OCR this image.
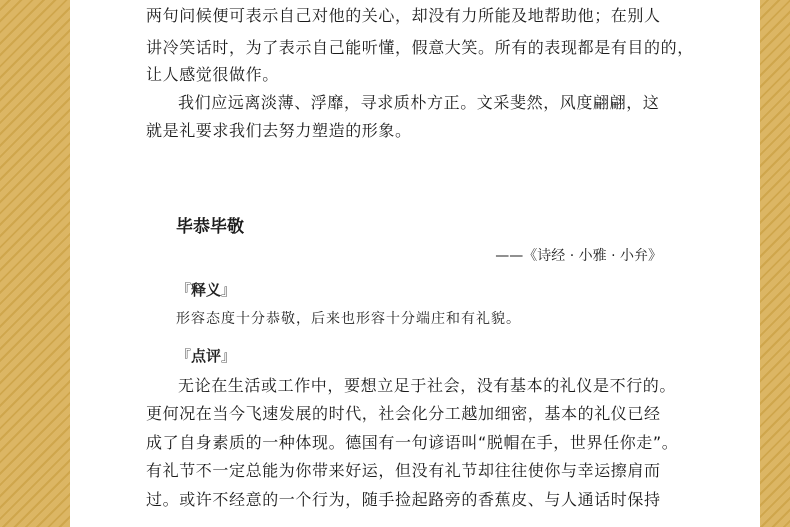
两句问候便可表示自己对他的关心，却没有力所能及地帮助他；在别人
讲冷笑话时，为了表示自己能听懂，假意大笑。所有的表现都是有目的的，
让人感觉很做作。
我们应远离淡薄、浮靡，寻求质朴方正。文采斐然，风度翩翩，这
就是礼要求我们去努力塑造的形象。
毕恭毕敬
——《诗经 · 小雅 · 小弁》
『释义』
形容态度十分恭敬，后来也形容十分端庄和有礼貌。
『点评』
无论在生活或工作中，要想立足于社会，没有基本的礼仪是不行的。
更何况在当今飞速发展的时代，社会化分工越加细密，基本的礼仪已经
成了自身素质的一种体现。德国有一句谚语叫“脱帽在手，世界任你走”。
有礼节不一定总能为你带来好运，但没有礼节却往往使你与幸运擦肩而
过。或许不经意的一个行为，随手捡起路旁的香蕉皮、与人通话时保持
